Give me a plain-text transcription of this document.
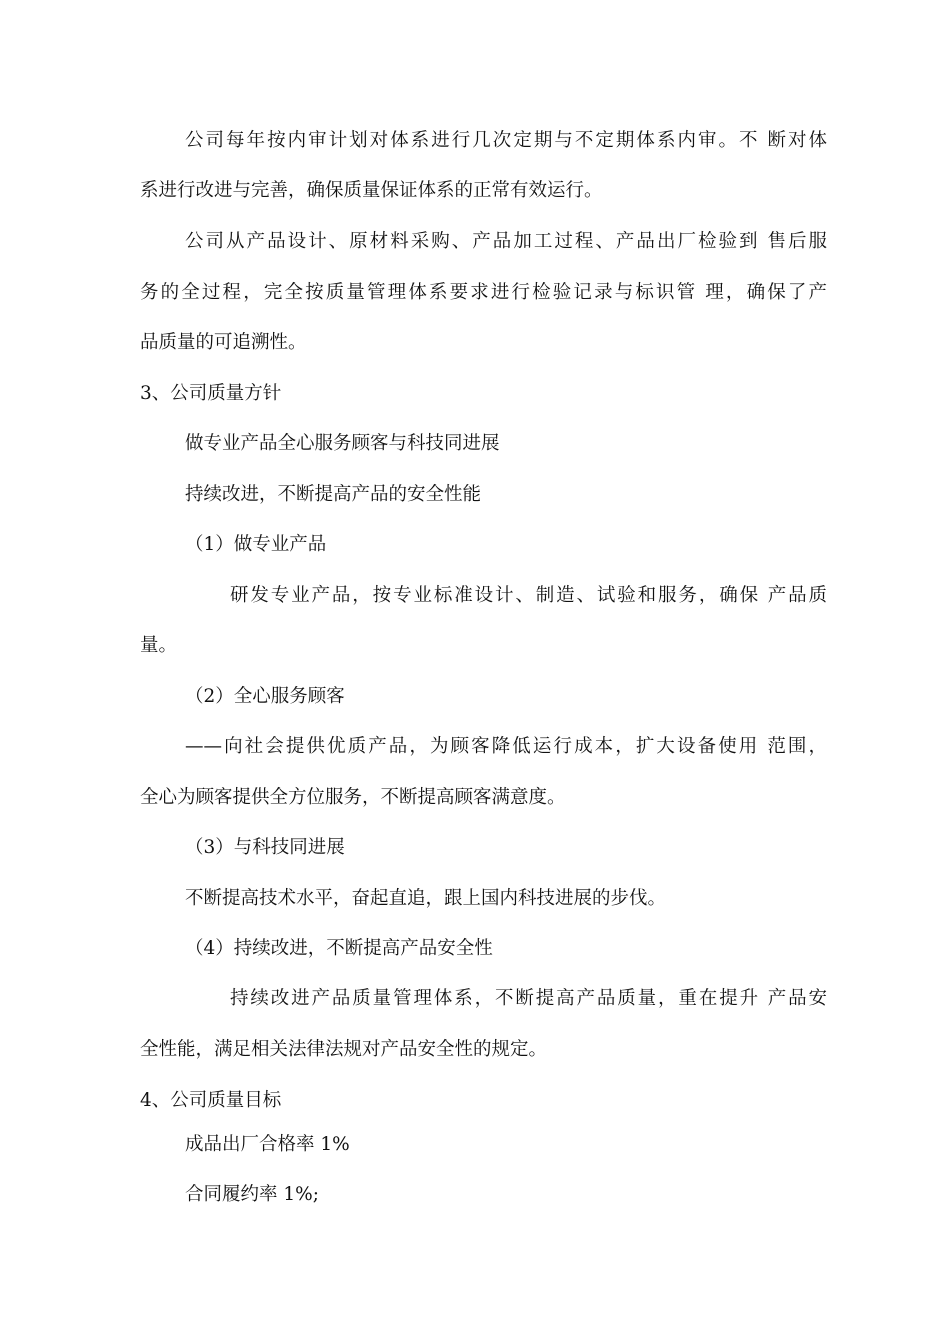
公司每年按内审计划对体系进行几次定期与不定期体系内审。不 断对体
系进行改进与完善，确保质量保证体系的正常有效运行。
公司从产品设计、原材料采购、产品加工过程、产品出厂检验到 售后服
务的全过程，完全按质量管理体系要求进行检验记录与标识管 理，确保了产
品质量的可追溯性。
3、公司质量方针
做专业产品全心服务顾客与科技同进展
持续改进，不断提高产品的安全性能
（1）做专业产品
研发专业产品，按专业标准设计、制造、试验和服务，确保 产品质
量。
（2）全心服务顾客
——向社会提供优质产品，为顾客降低运行成本，扩大设备使用 范围，
全心为顾客提供全方位服务，不断提高顾客满意度。
（3）与科技同进展
不断提高技术水平，奋起直追，跟上国内科技进展的步伐。
（4）持续改进，不断提高产品安全性
持续改进产品质量管理体系，不断提高产品质量，重在提升 产品安
全性能，满足相关法律法规对产品安全性的规定。
4、公司质量目标
成品出厂合格率 1%
合同履约率 1%;
